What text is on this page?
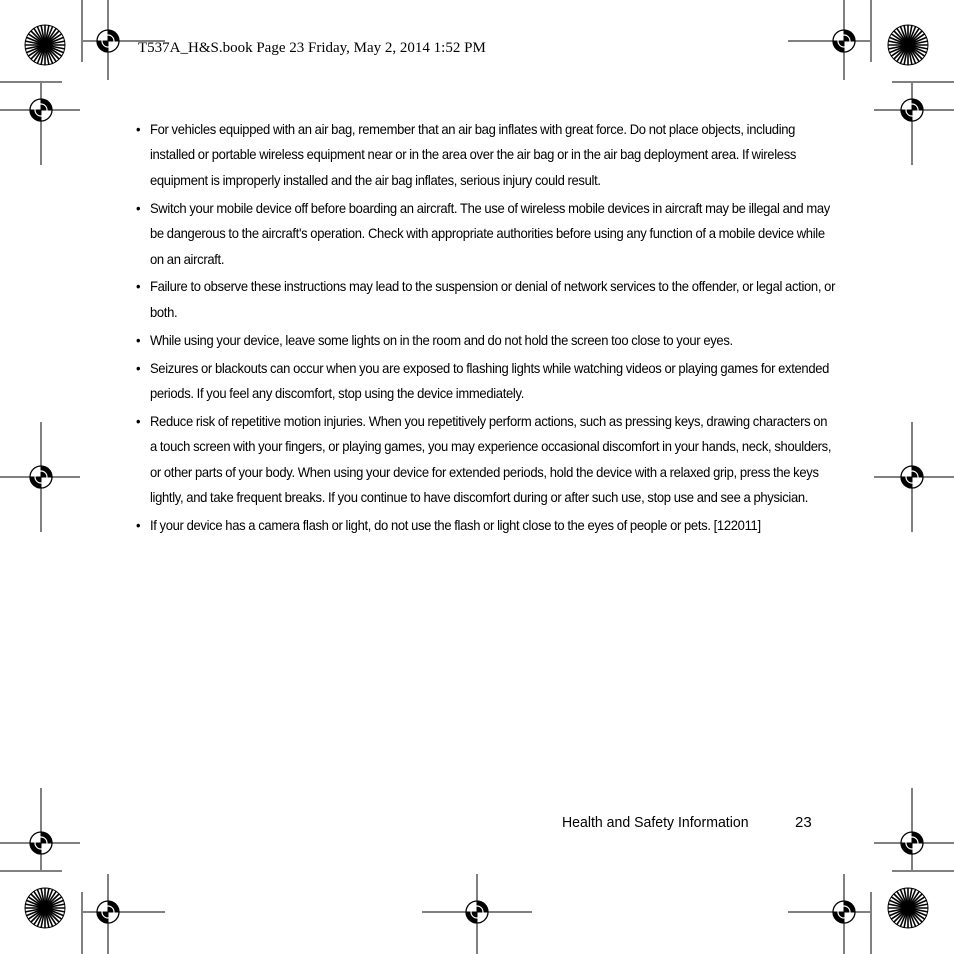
T537A_H&S.book Page 23 Friday, May 2, 2014 1:52 PM
• For vehicles equipped with an air bag, remember that an air bag inflates with great force. Do not place objects, including installed or portable wireless equipment near or in the area over the air bag or in the air bag deployment area. If wireless equipment is improperly installed and the air bag inflates, serious injury could result.
• Switch your mobile device off before boarding an aircraft. The use of wireless mobile devices in aircraft may be illegal and may be dangerous to the aircraft's operation. Check with appropriate authorities before using any function of a mobile device while on an aircraft.
• Failure to observe these instructions may lead to the suspension or denial of network services to the offender, or legal action, or both.
• While using your device, leave some lights on in the room and do not hold the screen too close to your eyes.
• Seizures or blackouts can occur when you are exposed to flashing lights while watching videos or playing games for extended periods. If you feel any discomfort, stop using the device immediately.
• Reduce risk of repetitive motion injuries. When you repetitively perform actions, such as pressing keys, drawing characters on a touch screen with your fingers, or playing games, you may experience occasional discomfort in your hands, neck, shoulders, or other parts of your body. When using your device for extended periods, hold the device with a relaxed grip, press the keys lightly, and take frequent breaks. If you continue to have discomfort during or after such use, stop use and see a physician.
• If your device has a camera flash or light, do not use the flash or light close to the eyes of people or pets. [122011]
Health and Safety Information	23
